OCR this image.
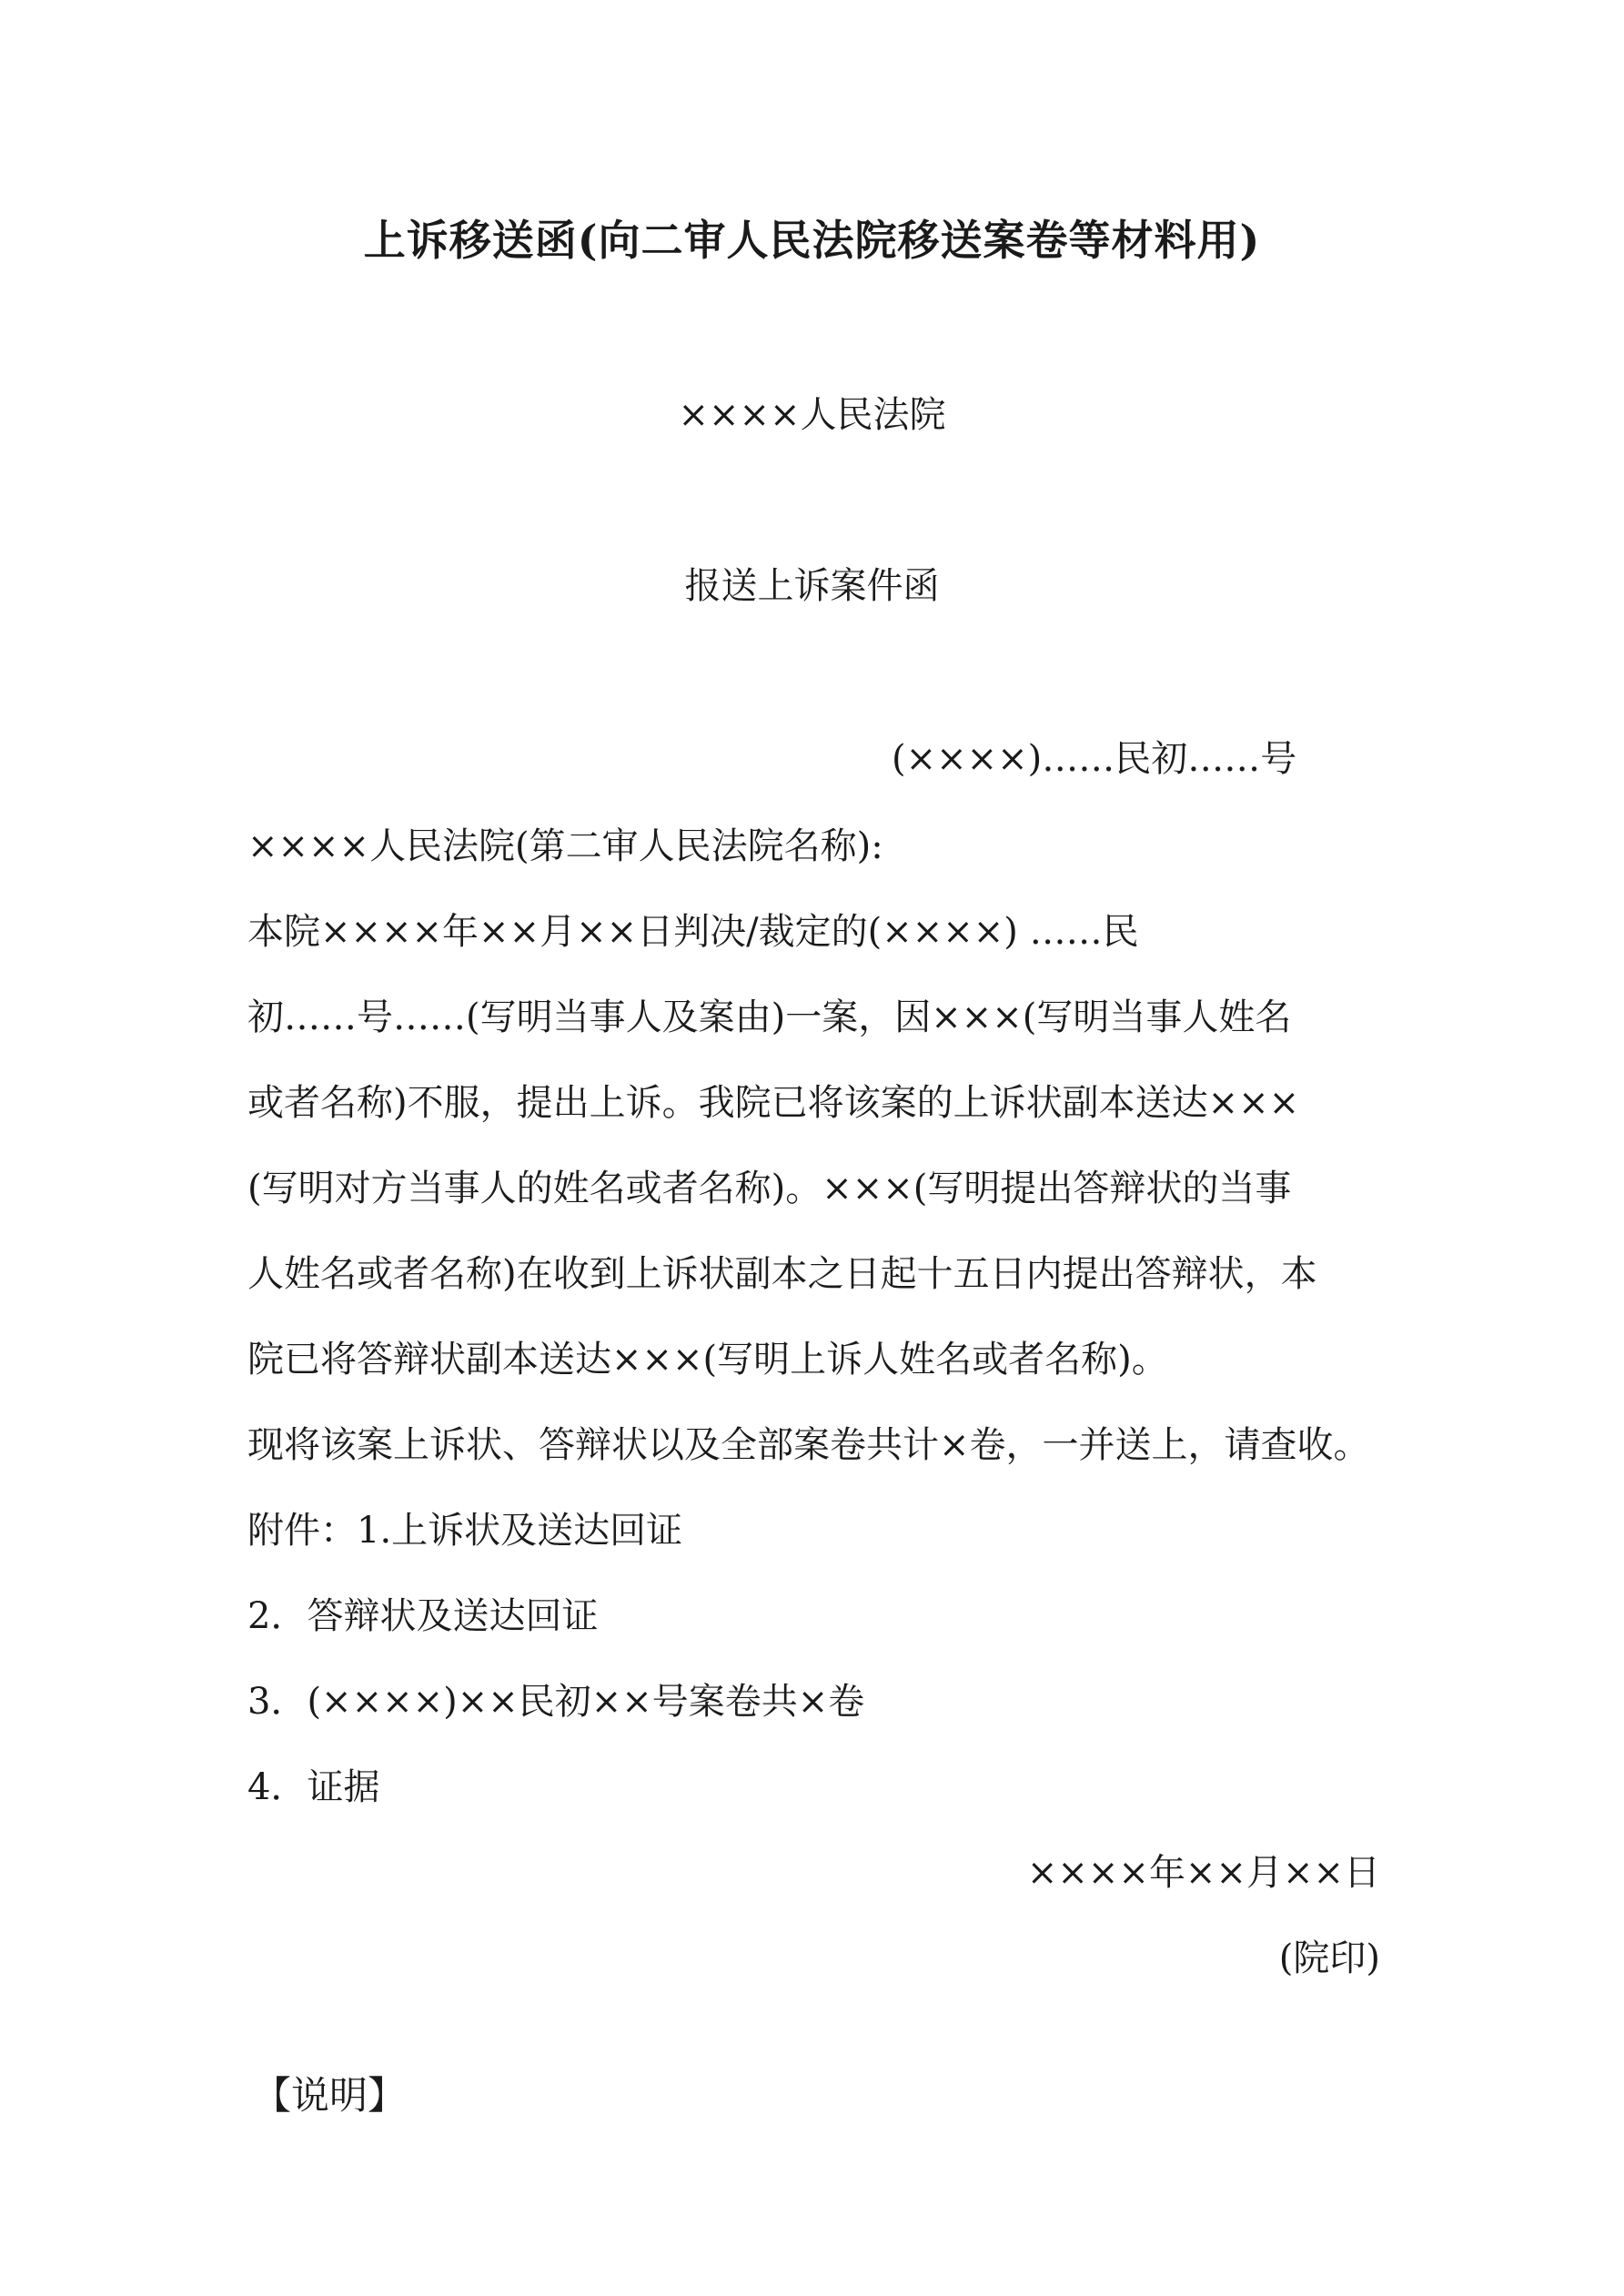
上诉移送函(向二审人民法院移送案卷等材料用)
××××人民法院
报送上诉案件函
(××××)……民初……号
××××人民法院(第二审人民法院名称):
本院××××年××月××日判决/裁定的(××××) ……民
初……号……(写明当事人及案由)一案，因×××(写明当事人姓名
或者名称)不服，提出上诉。我院已将该案的上诉状副本送达×××
(写明对方当事人的姓名或者名称)。×××(写明提出答辩状的当事
人姓名或者名称)在收到上诉状副本之日起十五日内提出答辩状，本
院已将答辩状副本送达×××(写明上诉人姓名或者名称)。
现将该案上诉状、答辩状以及全部案卷共计×卷，一并送上，请查收。
附件：1.上诉状及送达回证
2．答辩状及送达回证
3．(××××)××民初××号案卷共×卷
4．证据
××××年××月××日
(院印)
【说明】
